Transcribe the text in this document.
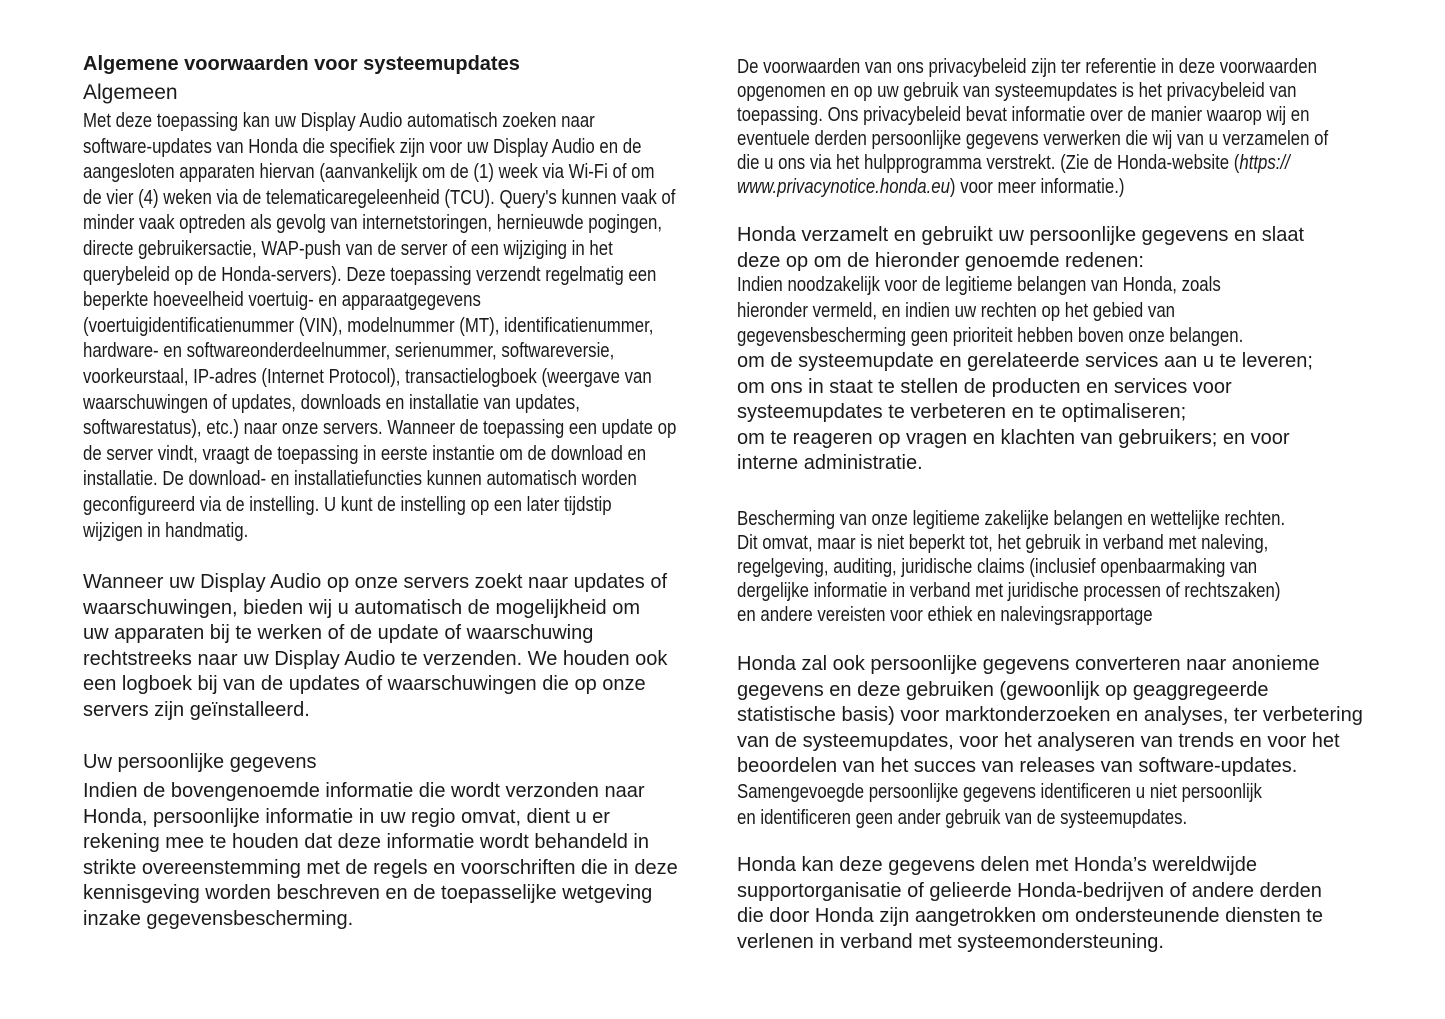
Algemene voorwaarden voor systeemupdates
Algemeen
Met deze toepassing kan uw Display Audio automatisch zoeken naar
software-updates van Honda die specifiek zijn voor uw Display Audio en de
aangesloten apparaten hiervan (aanvankelijk om de (1) week via Wi-Fi of om
de vier (4) weken via de telematicaregeleenheid (TCU). Query's kunnen vaak of
minder vaak optreden als gevolg van internetstoringen, hernieuwde pogingen,
directe gebruikersactie, WAP-push van de server of een wijziging in het
querybeleid op de Honda-servers). Deze toepassing verzendt regelmatig een
beperkte hoeveelheid voertuig- en apparaatgegevens
(voertuigidentificatienummer (VIN), modelnummer (MT), identificatienummer,
hardware- en softwareonderdeelnummer, serienummer, softwareversie,
voorkeurstaal, IP-adres (Internet Protocol), transactielogboek (weergave van
waarschuwingen of updates, downloads en installatie van updates,
softwarestatus), etc.) naar onze servers. Wanneer de toepassing een update op
de server vindt, vraagt de toepassing in eerste instantie om de download en
installatie. De download- en installatiefuncties kunnen automatisch worden
geconfigureerd via de instelling. U kunt de instelling op een later tijdstip
wijzigen in handmatig.
Wanneer uw Display Audio op onze servers zoekt naar updates of
waarschuwingen, bieden wij u automatisch de mogelijkheid om
uw apparaten bij te werken of de update of waarschuwing
rechtstreeks naar uw Display Audio te verzenden. We houden ook
een logboek bij van de updates of waarschuwingen die op onze
servers zijn geïnstalleerd.
Uw persoonlijke gegevens
Indien de bovengenoemde informatie die wordt verzonden naar
Honda, persoonlijke informatie in uw regio omvat, dient u er
rekening mee te houden dat deze informatie wordt behandeld in
strikte overeenstemming met de regels en voorschriften die in deze
kennisgeving worden beschreven en de toepasselijke wetgeving
inzake gegevensbescherming.
De voorwaarden van ons privacybeleid zijn ter referentie in deze voorwaarden
opgenomen en op uw gebruik van systeemupdates is het privacybeleid van
toepassing. Ons privacybeleid bevat informatie over de manier waarop wij en
eventuele derden persoonlijke gegevens verwerken die wij van u verzamelen of
die u ons via het hulpprogramma verstrekt. (Zie de Honda-website (https://
www.privacynotice.honda.eu) voor meer informatie.)
Honda verzamelt en gebruikt uw persoonlijke gegevens en slaat
deze op om de hieronder genoemde redenen:
Indien noodzakelijk voor de legitieme belangen van Honda, zoals
hieronder vermeld, en indien uw rechten op het gebied van
gegevensbescherming geen prioriteit hebben boven onze belangen.
om de systeemupdate en gerelateerde services aan u te leveren;
om ons in staat te stellen de producten en services voor
systeemupdates te verbeteren en te optimaliseren;
om te reageren op vragen en klachten van gebruikers; en voor
interne administratie.
Bescherming van onze legitieme zakelijke belangen en wettelijke rechten.
Dit omvat, maar is niet beperkt tot, het gebruik in verband met naleving,
regelgeving, auditing, juridische claims (inclusief openbaarmaking van
dergelijke informatie in verband met juridische processen of rechtszaken)
en andere vereisten voor ethiek en nalevingsrapportage
Honda zal ook persoonlijke gegevens converteren naar anonieme
gegevens en deze gebruiken (gewoonlijk op geaggregeerde
statistische basis) voor marktonderzoeken en analyses, ter verbetering
van de systeemupdates, voor het analyseren van trends en voor het
beoordelen van het succes van releases van software-updates.
Samengevoegde persoonlijke gegevens identificeren u niet persoonlijk
en identificeren geen ander gebruik van de systeemupdates.
Honda kan deze gegevens delen met Honda’s wereldwijde
supportorganisatie of gelieerde Honda-bedrijven of andere derden
die door Honda zijn aangetrokken om ondersteunende diensten te
verlenen in verband met systeemondersteuning.
